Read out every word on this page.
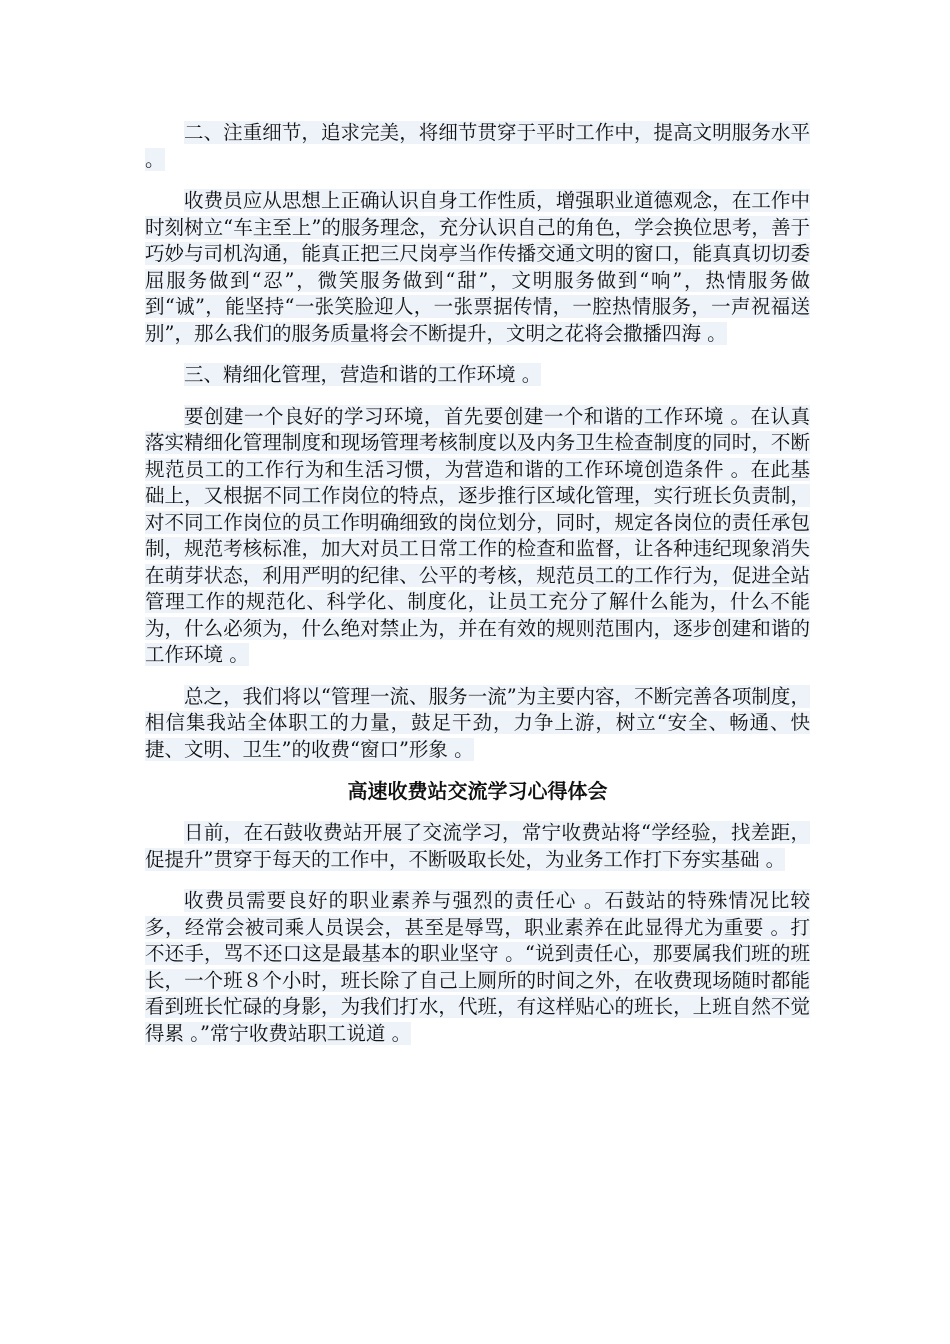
二、注重细节，追求完美，将细节贯穿于平时工作中，提高文明服务水平 。

收费员应从思想上正确认识自身工作性质，增强职业道德观念，在工作中时刻树立“车主至上”的服务理念，充分认识自己的角色，学会换位思考，善于巧妙与司机沟通，能真正把三尺岗亭当作传播交通文明的窗口，能真真切切委屈服务做到“忍”，微笑服务做到“甜”，文明服务做到“响”，热情服务做到“诚”，能坚持“一张笑脸迎人，一张票据传情，一腔热情服务，一声祝福送别”，那么我们的服务质量将会不断提升，文明之花将会撒播四海 。

三、精细化管理，营造和谐的工作环境 。

要创建一个良好的学习环境，首先要创建一个和谐的工作环境 。在认真落实精细化管理制度和现场管理考核制度以及内务卫生检查制度的同时，不断规范员工的工作行为和生活习惯，为营造和谐的工作环境创造条件 。在此基础上，又根据不同工作岗位的特点，逐步推行区域化管理，实行班长负责制，对不同工作岗位的员工作明确细致的岗位划分，同时，规定各岗位的责任承包制，规范考核标准，加大对员工日常工作的检查和监督，让各种违纪现象消失在萌芽状态，利用严明的纪律、公平的考核，规范员工的工作行为，促进全站管理工作的规范化、科学化、制度化，让员工充分了解什么能为，什么不能为，什么必须为，什么绝对禁止为，并在有效的规则范围内，逐步创建和谐的工作环境 。

总之，我们将以“管理一流、服务一流”为主要内容，不断完善各项制度，相信集我站全体职工的力量，鼓足干劲，力争上游，树立“安全、畅通、快捷、文明、卫生”的收费“窗口”形象 。

高速收费站交流学习心得体会

日前，在石鼓收费站开展了交流学习，常宁收费站将“学经验，找差距，促提升”贯穿于每天的工作中，不断吸取长处，为业务工作打下夯实基础 。

收费员需要良好的职业素养与强烈的责任心 。石鼓站的特殊情况比较多，经常会被司乘人员误会，甚至是辱骂，职业素养在此显得尤为重要 。打不还手，骂不还口这是最基本的职业坚守 。“说到责任心，那要属我们班的班长，一个班８个小时，班长除了自己上厕所的时间之外，在收费现场随时都能看到班长忙碌的身影，为我们打水，代班，有这样贴心的班长，上班自然不觉得累 。”常宁收费站职工说道 。
